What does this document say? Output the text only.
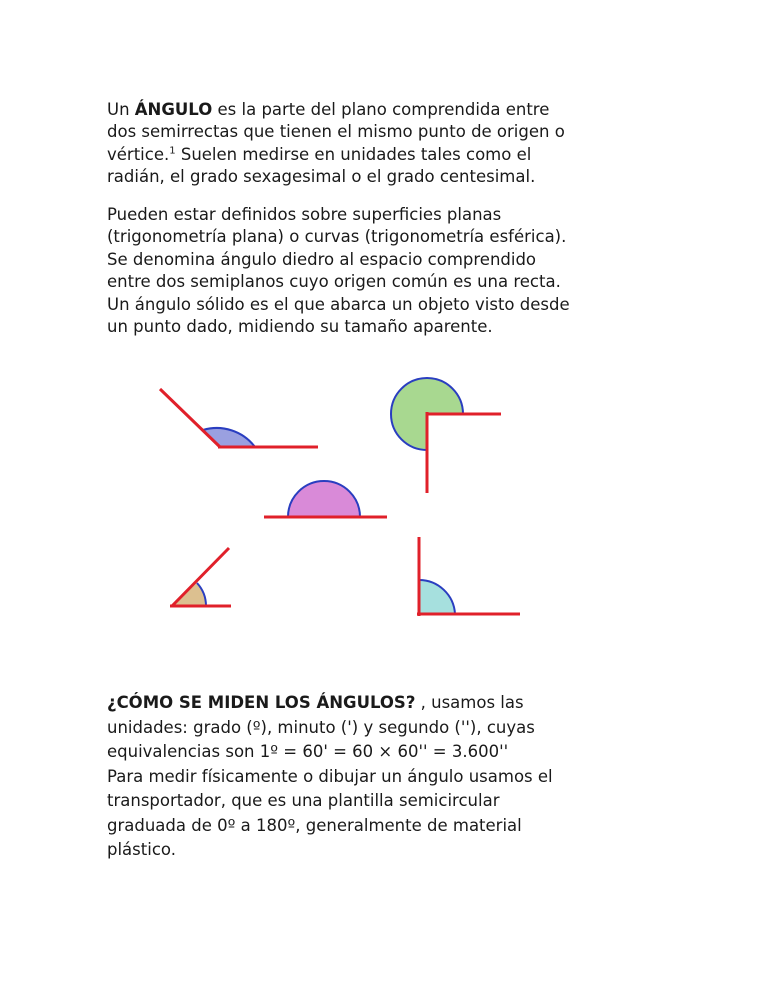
Un ÁNGULO es la parte del plano comprendida entre
dos semirrectas que tienen el mismo punto de origen o
vértice.$^1$ Suelen medirse en unidades tales como el
radián, el grado sexagesimal o el grado centesimal.
Pueden estar definidos sobre superficies planas
(trigonometría plana) o curvas (trigonometría esférica).
Se denomina ángulo diedro al espacio comprendido
entre dos semiplanos cuyo origen común es una recta.
Un ángulo sólido es el que abarca un objeto visto desde
un punto dado, midiendo su tamaño aparente.
¿CÓMO SE MIDEN LOS ÁNGULOS? , usamos las
unidades: grado (º), minuto (') y segundo (''), cuyas
equivalencias son 1º = 60' = 60 × 60'' = 3.600''
Para medir físicamente o dibujar un ángulo usamos el
transportador, que es una plantilla semicircular
graduada de 0º a 180º, generalmente de material
plástico.
